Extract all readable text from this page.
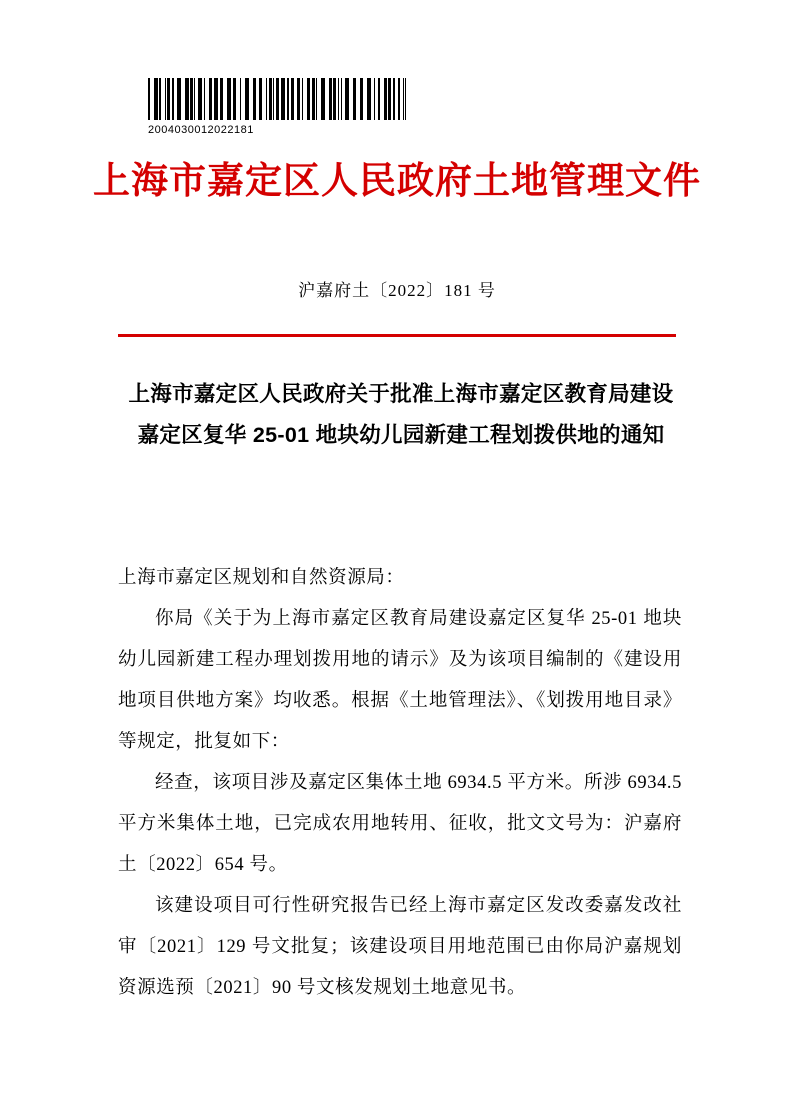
2004030012022181
上海市嘉定区人民政府土地管理文件
沪嘉府土〔2022〕181 号
上海市嘉定区人民政府关于批准上海市嘉定区教育局建设嘉定区复华 25-01 地块幼儿园新建工程划拨供地的通知

上海市嘉定区规划和自然资源局：

你局《关于为上海市嘉定区教育局建设嘉定区复华 25-01 地块幼儿园新建工程办理划拨用地的请示》及为该项目编制的《建设用地项目供地方案》均收悉。根据《土地管理法》、《划拨用地目录》等规定，批复如下：

经查，该项目涉及嘉定区集体土地 6934.5 平方米。所涉 6934.5 平方米集体土地，已完成农用地转用、征收，批文文号为：沪嘉府土〔2022〕654 号。

该建设项目可行性研究报告已经上海市嘉定区发改委嘉发改社审〔2021〕129 号文批复；该建设项目用地范围已由你局沪嘉规划资源选预〔2021〕90 号文核发规划土地意见书。
